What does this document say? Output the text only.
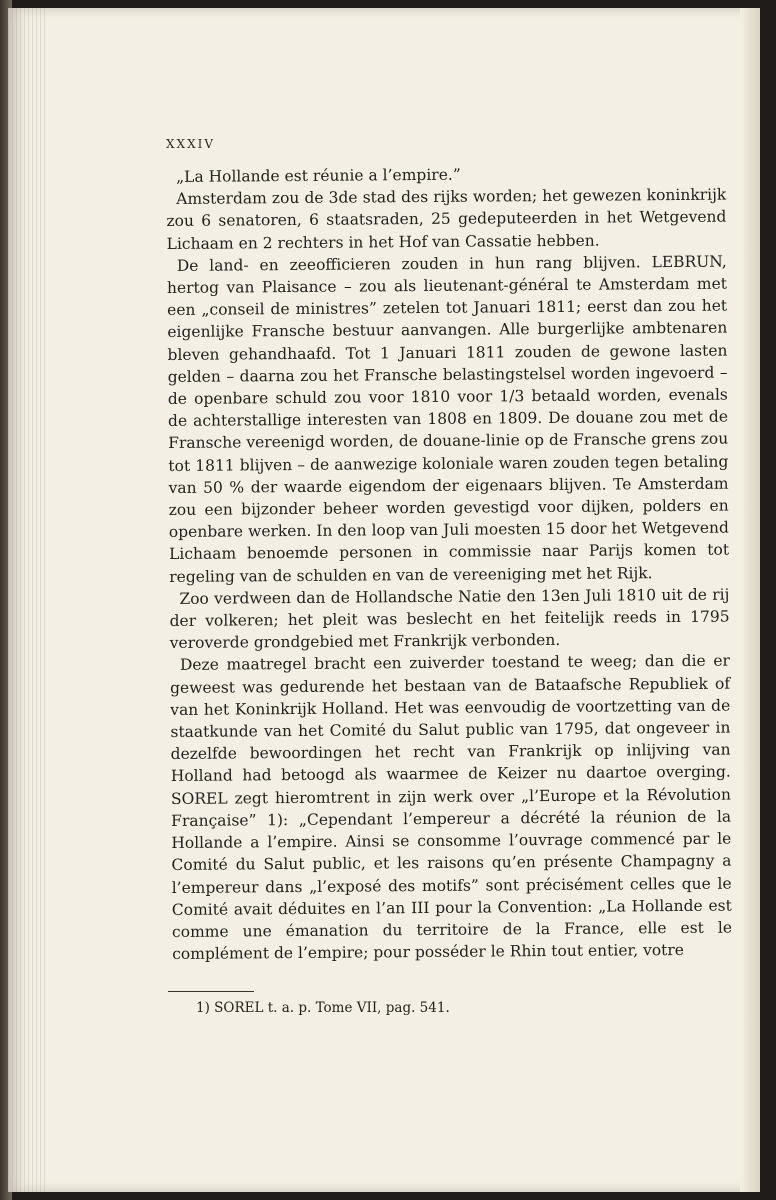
XXXIV

„La Hollande est réunie a l’empire.”

Amsterdam zou de 3de stad des rijks worden; het gewezen koninkrijk zou 6 senatoren, 6 staatsraden, 25 gedeputeerden in het Wetgevend Lichaam en 2 rechters in het Hof van Cassatie hebben.

De land- en zeeofficieren zouden in hun rang blijven. LEBRUN, hertog van Plaisance – zou als lieutenant-général te Amsterdam met een „conseil de ministres” zetelen tot Januari 1811; eerst dan zou het eigenlijke Fransche bestuur aanvangen. Alle burgerlijke ambtenaren bleven gehandhaafd. Tot 1 Januari 1811 zouden de gewone lasten gelden – daarna zou het Fransche belastingstelsel worden ingevoerd – de openbare schuld zou voor 1810 voor 1/3 betaald worden, evenals de achterstallige interesten van 1808 en 1809. De douane zou met de Fransche vereenigd worden, de douane-linie op de Fransche grens zou tot 1811 blijven – de aanwezige koloniale waren zouden tegen betaling van 50 % der waarde eigendom der eigenaars blijven. Te Amsterdam zou een bijzonder beheer worden gevestigd voor dijken, polders en openbare werken. In den loop van Juli moesten 15 door het Wetgevend Lichaam benoemde personen in commissie naar Parijs komen tot regeling van de schulden en van de vereeniging met het Rijk.

Zoo verdween dan de Hollandsche Natie den 13en Juli 1810 uit de rij der volkeren; het pleit was beslecht en het feitelijk reeds in 1795 veroverde grondgebied met Frankrijk verbonden.

Deze maatregel bracht een zuiverder toestand te weeg; dan die er geweest was gedurende het bestaan van de Bataafsche Republiek of van het Koninkrijk Holland. Het was eenvoudig de voortzetting van de staatkunde van het Comité du Salut public van 1795, dat ongeveer in dezelfde bewoordingen het recht van Frankrijk op inlijving van Holland had betoogd als waarmee de Keizer nu daartoe overging. SOREL zegt hieromtrent in zijn werk over „l’Europe et la Révolution Française” 1): „Cependant l’empereur a décrété la réunion de la Hollande a l’empire. Ainsi se consomme l’ouvrage commencé par le Comité du Salut public, et les raisons qu’en présente Champagny a l’empereur dans „l’exposé des motifs” sont précisément celles que le Comité avait déduites en l’an III pour la Convention: „La Hollande est comme une émanation du territoire de la France, elle est le complément de l’empire; pour posséder le Rhin tout entier, votre

1) SOREL t. a. p. Tome VII, pag. 541.
